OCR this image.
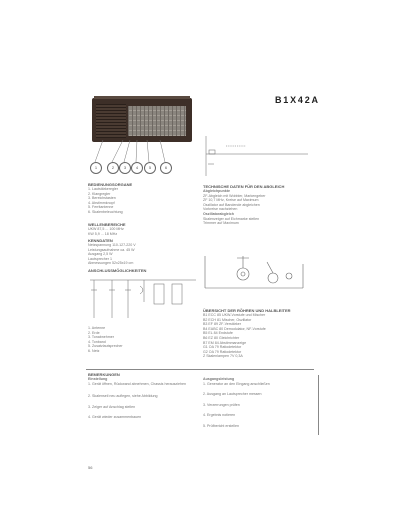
B1X42A
1	2	3	4	5	6
BEDIENUNGSORGANE
1. Lautstärkeregler
2. Klangregler
3. Bereichstasten
4. Abstimmknopf
5. Ferritantenne
6. Skalenbeleuchtung
WELLENBEREICHE
UKW 87,5 ... 100 MHz
KW 5,9 ... 18 MHz
KENNDATEN
Netzspannung 110-127-220 V
Leistungsaufnahme ca. 45 W
Ausgang 2,5 W
Lautsprecher 1
Abmessungen 52x25x19 cm
ANSCHLUSSMÖGLICHKEITEN
1. Antenne
2. Erde
3. Tonabnehmer
4. Tonband
5. Zusatzlautsprecher
6. Netz
TECHNISCHE DATEN FÜR DEN ABGLEICH
Abgleichpunkte
ZF-Abgleich mit Wobbler, Markengeber
ZF 10,7 MHz, Kreise auf Maximum
Oszillator auf Bandende abgleichen
Vorkreise nachziehen
Oszillatorabgleich
Skalenzeiger auf Eichmarke stellen
Trimmer auf Maximum
ÜBERSICHT DER RÖHREN UND HALBLEITER
B1 ECC 85 UKW-Vorstufe und Mischer
B2 ECH 81 Mischer, Oszillator
B3 EF 89 ZF-Verstärker
B4 EABC 80 Demodulator, NF-Vorstufe
B5 EL 84 Endstufe
B6 EZ 80 Gleichrichter
B7 EM 84 Abstimmanzeige
G1 OA 79 Ratiodetektor
G2 OA 79 Ratiodetektor
Z Skalenlampen 7V 0,3A
BEMERKUNGEN
Einstellung
1. Gerät öffnen, Rückwand abnehmen, Chassis herausziehen
2. Skalenseil neu auflegen, siehe Abbildung
3. Zeiger auf Anschlag stellen
4. Gerät wieder zusammenbauen
Ausgangsleistung
1. Generator an den Eingang anschließen
2. Ausgang an Lautsprecher messen
3. Verzerrungen prüfen
4. Ergebnis notieren
5. Prüfbericht erstellen
56
